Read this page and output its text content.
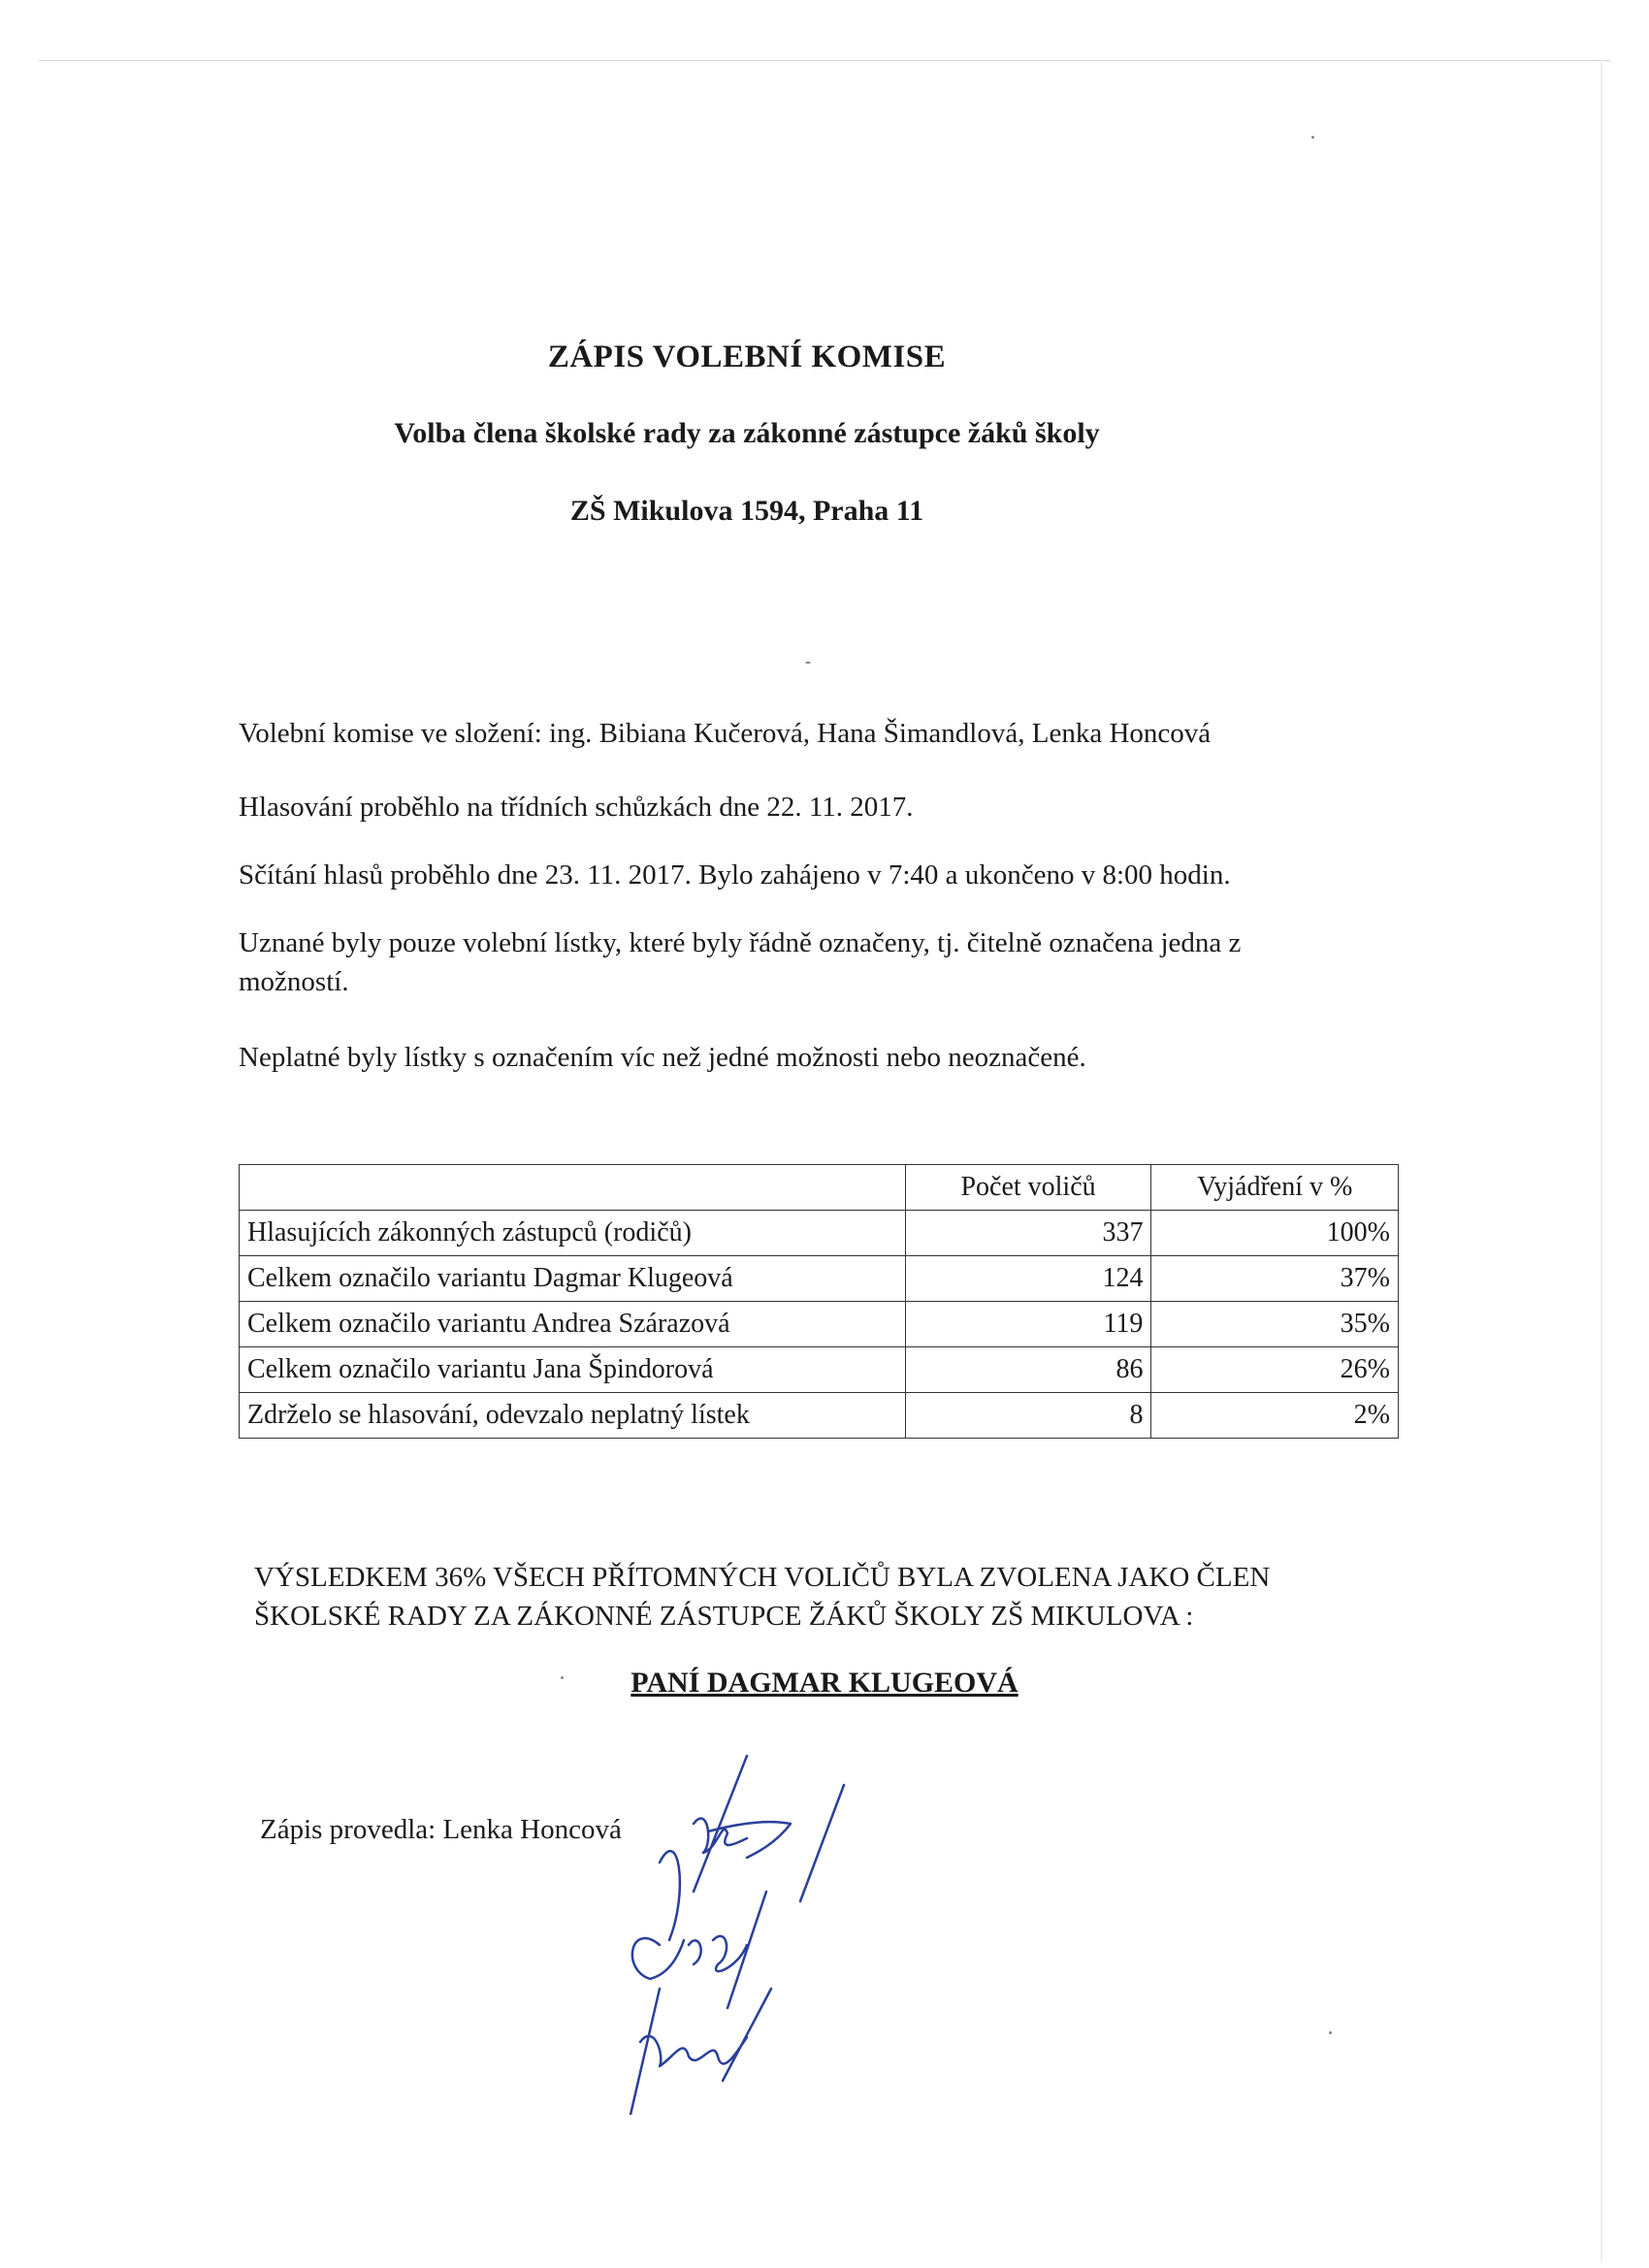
ZÁPIS VOLEBNÍ KOMISE
Volba člena školské rady za zákonné zástupce žáků školy
ZŠ Mikulova 1594, Praha 11
Volební komise ve složení: ing. Bibiana Kučerová, Hana Šimandlová, Lenka Honcová
Hlasování proběhlo na třídních schůzkách dne 22. 11. 2017.
Sčítání hlasů proběhlo dne 23. 11. 2017. Bylo zahájeno v 7:40 a ukončeno v 8:00 hodin.
Uznané byly pouze volební lístky, které byly řádně označeny, tj. čitelně označena jedna z možností.
Neplatné byly lístky s označením víc než jedné možnosti nebo neoznačené.
	Počet voličů	Vyjádření v %
Hlasujících zákonných zástupců (rodičů)	337	100%
Celkem označilo variantu Dagmar Klugeová	124	37%
Celkem označilo variantu Andrea Szárazová	119	35%
Celkem označilo variantu Jana Špindorová	86	26%
Zdrželo se hlasování, odevzalo neplatný lístek	8	2%
VÝSLEDKEM 36% VŠECH PŘÍTOMNÝCH VOLIČŮ BYLA ZVOLENA JAKO ČLEN
ŠKOLSKÉ RADY ZA ZÁKONNÉ ZÁSTUPCE ŽÁKŮ ŠKOLY ZŠ MIKULOVA :
PANÍ DAGMAR KLUGEOVÁ
Zápis provedla: Lenka Honcová
